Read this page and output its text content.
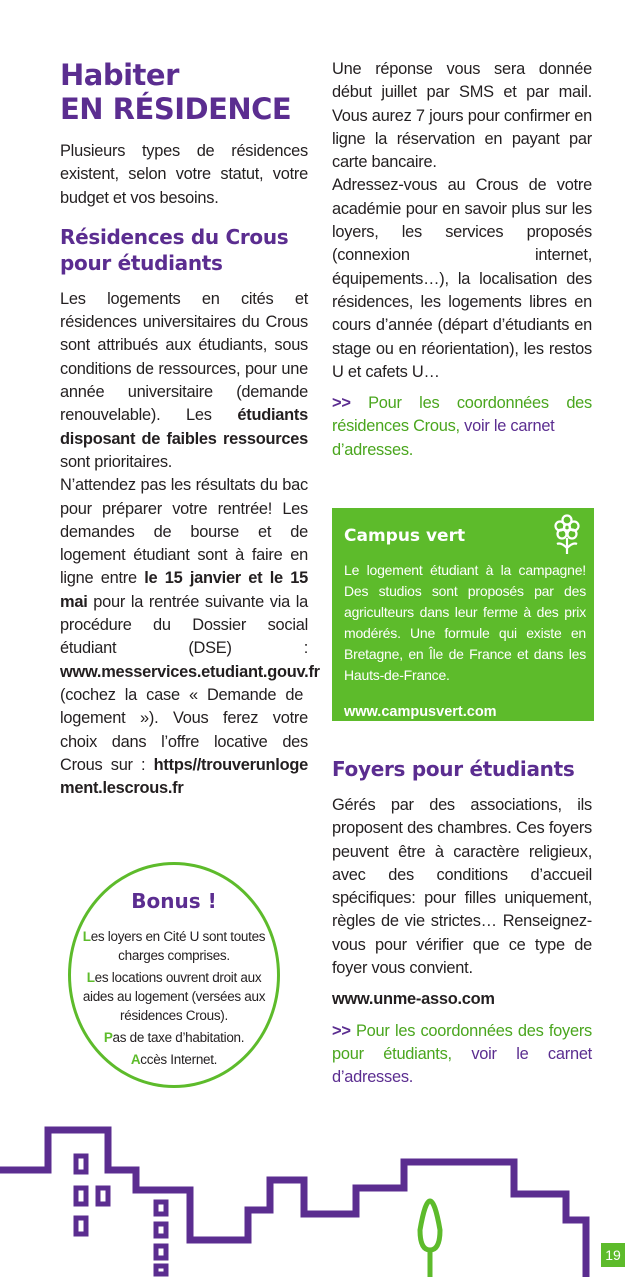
Habiter
EN RÉSIDENCE

Plusieurs types de résidences existent, selon votre statut, votre budget et vos besoins.

Résidences du Crous
pour étudiants

Les logements en cités et résidences universitaires du Crous sont attribués aux étudiants, sous conditions de ressources, pour une année universitaire (demande renouvelable). Les étudiants disposant de faibles ressources sont prioritaires.

N’attendez pas les résultats du bac pour préparer votre rentrée! Les demandes de bourse et de logement étudiant sont à faire en ligne entre le 15 janvier et le 15 mai pour la rentrée suivante via la procédure du Dossier social étudiant (DSE) : www.messervices.etudiant.gouv.fr (cochez la case « Demande de logement »). Vous ferez votre choix dans l’offre locative des Crous sur : https//trouverunlogement.lescrous.fr

Bonus !
Les loyers en Cité U sont toutes charges comprises.
Les locations ouvrent droit aux aides au logement (versées aux résidences Crous).
Pas de taxe d’habitation.
Accès Internet.

Une réponse vous sera donnée début juillet par SMS et par mail. Vous aurez 7 jours pour confirmer en ligne la réservation en payant par carte bancaire.

Adressez-vous au Crous de votre académie pour en savoir plus sur les loyers, les services proposés (connexion internet, équipements…), la localisation des résidences, les logements libres en cours d’année (départ d’étudiants en stage ou en réorientation), les restos U et cafets U…

>> Pour les coordonnées des résidences Crous, voir le carnet
d’adresses.

Campus vert
Le logement étudiant à la campagne! Des studios sont proposés par des agriculteurs dans leur ferme à des prix modérés. Une formule qui existe en Bretagne, en Île de France et dans les Hauts-de-France.
www.campusvert.com
Foyers pour étudiants

Gérés par des associations, ils proposent des chambres. Ces foyers peuvent être à caractère religieux, avec des conditions d’accueil spécifiques: pour filles uniquement, règles de vie strictes… Renseignez-vous pour vérifier que ce type de foyer vous convient.

www.unme-asso.com

>> Pour les coordonnées des foyers pour étudiants, voir le carnet d’adresses.

19
